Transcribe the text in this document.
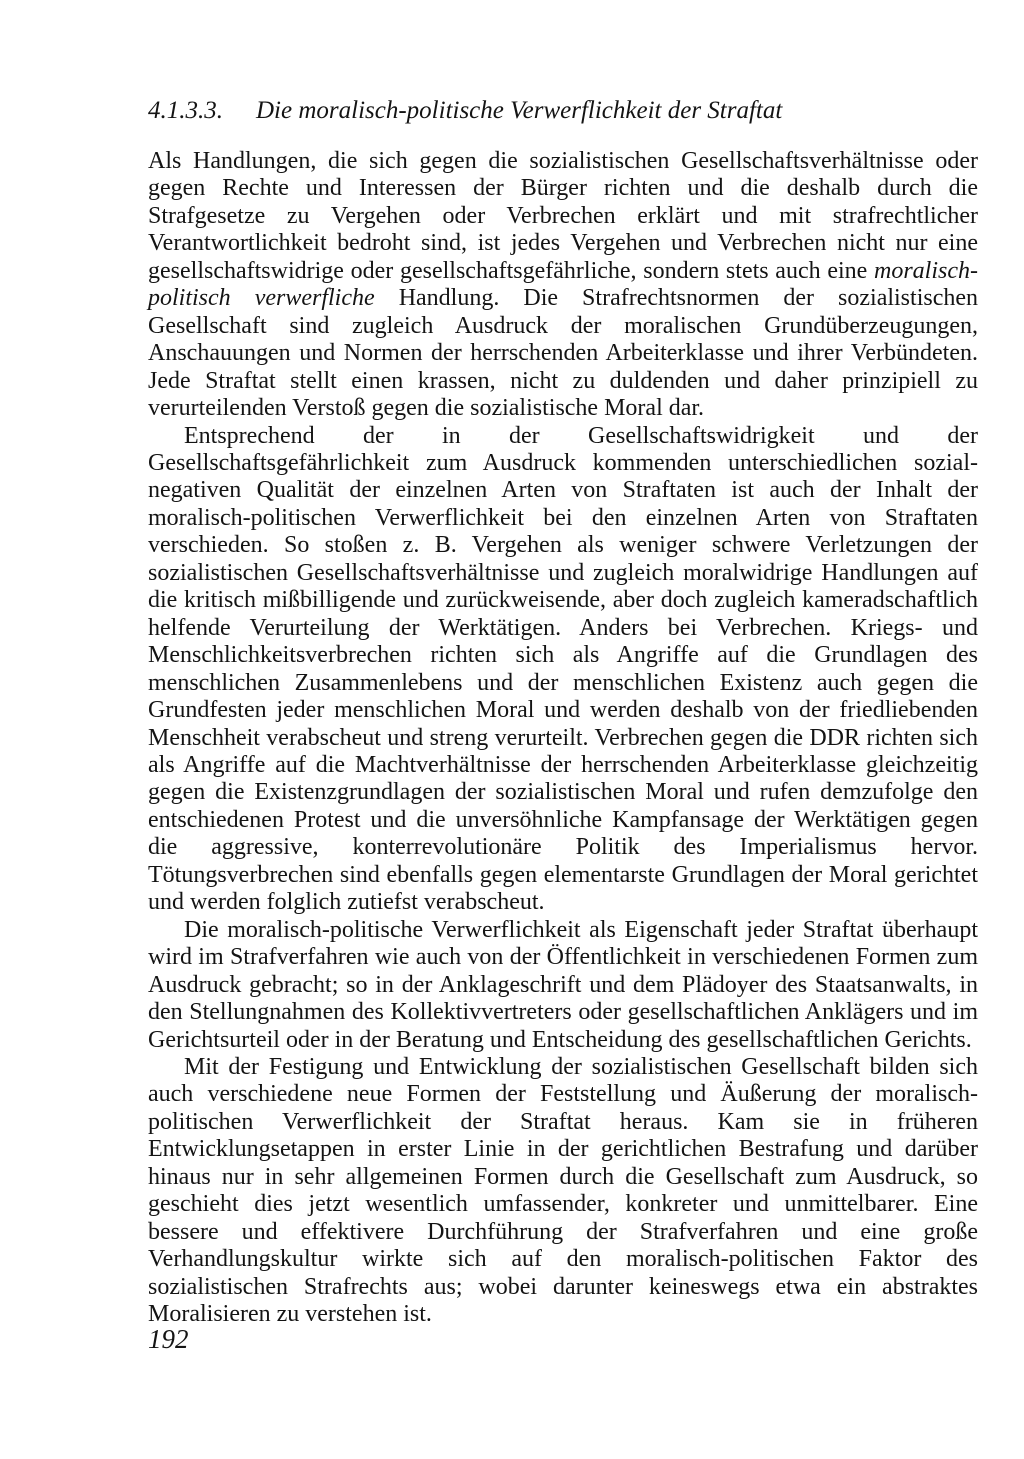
4.1.3.3. Die moralisch-politische Verwerflichkeit der Straftat

Als Handlungen, die sich gegen die sozialistischen Gesellschaftsverhältnisse oder gegen Rechte und Interessen der Bürger richten und die deshalb durch die Strafgesetze zu Vergehen oder Verbrechen erklärt und mit strafrechtlicher Verantwortlichkeit bedroht sind, ist jedes Vergehen und Verbrechen nicht nur eine gesellschaftswidrige oder gesellschaftsgefährliche, sondern stets auch eine moralisch-politisch verwerfliche Handlung. Die Strafrechtsnormen der sozialistischen Gesellschaft sind zugleich Ausdruck der moralischen Grundüberzeugungen, Anschauungen und Normen der herrschenden Arbeiterklasse und ihrer Verbündeten. Jede Straftat stellt einen krassen, nicht zu duldenden und daher prinzipiell zu verurteilenden Verstoß gegen die sozialistische Moral dar.

Entsprechend der in der Gesellschaftswidrigkeit und der Gesellschaftsgefährlichkeit zum Ausdruck kommenden unterschiedlichen sozial-negativen Qualität der einzelnen Arten von Straftaten ist auch der Inhalt der moralisch-politischen Verwerflichkeit bei den einzelnen Arten von Straftaten verschieden. So stoßen z. B. Vergehen als weniger schwere Verletzungen der sozialistischen Gesellschaftsverhältnisse und zugleich moralwidrige Handlungen auf die kritisch mißbilligende und zurückweisende, aber doch zugleich kameradschaftlich helfende Verurteilung der Werktätigen. Anders bei Verbrechen. Kriegs- und Menschlichkeitsverbrechen richten sich als Angriffe auf die Grundlagen des menschlichen Zusammenlebens und der menschlichen Existenz auch gegen die Grundfesten jeder menschlichen Moral und werden deshalb von der friedliebenden Menschheit verabscheut und streng verurteilt. Verbrechen gegen die DDR richten sich als Angriffe auf die Machtverhältnisse der herrschenden Arbeiterklasse gleichzeitig gegen die Existenzgrundlagen der sozialistischen Moral und rufen demzufolge den entschiedenen Protest und die unversöhnliche Kampfansage der Werktätigen gegen die aggressive, konterrevolutionäre Politik des Imperialismus hervor. Tötungsverbrechen sind ebenfalls gegen elementarste Grundlagen der Moral gerichtet und werden folglich zutiefst verabscheut.

Die moralisch-politische Verwerflichkeit als Eigenschaft jeder Straftat überhaupt wird im Strafverfahren wie auch von der Öffentlichkeit in verschiedenen Formen zum Ausdruck gebracht; so in der Anklageschrift und dem Plädoyer des Staatsanwalts, in den Stellungnahmen des Kollektivvertreters oder gesellschaftlichen Anklägers und im Gerichtsurteil oder in der Beratung und Entscheidung des gesellschaftlichen Gerichts.

Mit der Festigung und Entwicklung der sozialistischen Gesellschaft bilden sich auch verschiedene neue Formen der Feststellung und Äußerung der moralisch-politischen Verwerflichkeit der Straftat heraus. Kam sie in früheren Entwicklungsetappen in erster Linie in der gerichtlichen Bestrafung und darüber hinaus nur in sehr allgemeinen Formen durch die Gesellschaft zum Ausdruck, so geschieht dies jetzt wesentlich umfassender, konkreter und unmittelbarer. Eine bessere und effektivere Durchführung der Strafverfahren und eine große Verhandlungskultur wirkte sich auf den moralisch-politischen Faktor des sozialistischen Strafrechts aus; wobei darunter keineswegs etwa ein abstraktes Moralisieren zu verstehen ist.

192
